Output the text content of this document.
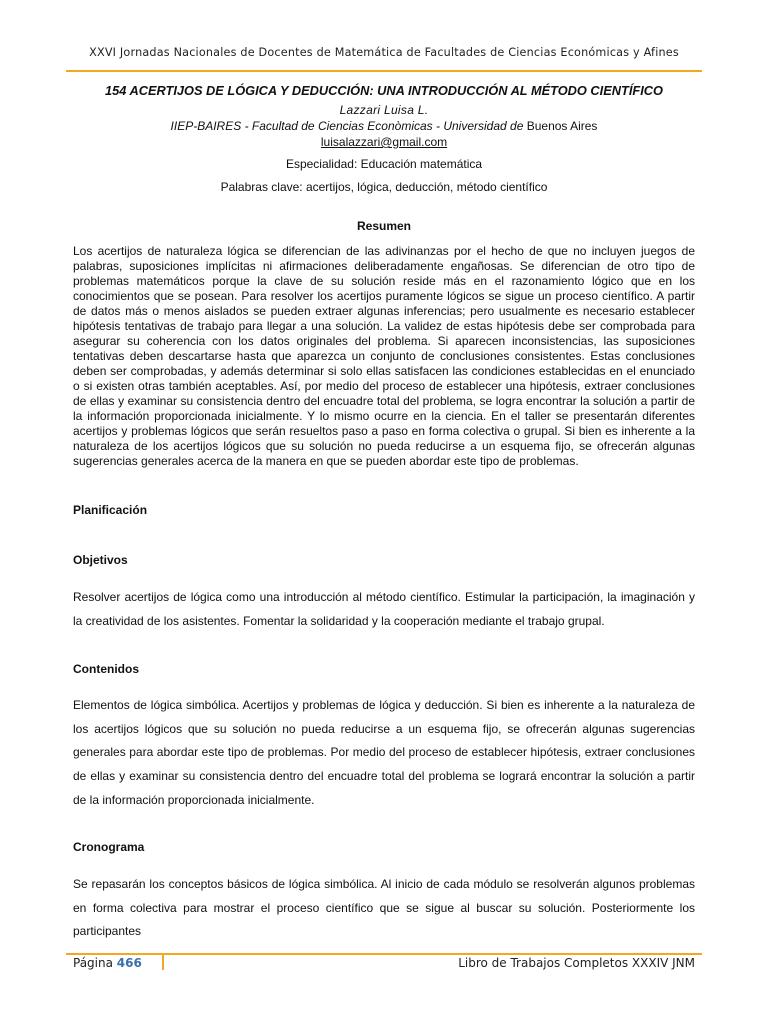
XXVI Jornadas Nacionales de Docentes de Matemática de Facultades de Ciencias Económicas y Afines
154 ACERTIJOS DE LÓGICA Y DEDUCCIÓN: UNA INTRODUCCIÓN AL MÉTODO CIENTÍFICO
Lazzari Luisa L.
IIEP-BAIRES - Facultad de Ciencias Econòmicas - Universidad de Buenos Aires
luisalazzari@gmail.com
Especialidad: Educación matemática
Palabras clave: acertijos, lógica, deducción, método científico
Resumen

Los acertijos de naturaleza lógica se diferencian de las adivinanzas por el hecho de que no incluyen juegos de palabras, suposiciones implícitas ni afirmaciones deliberadamente engañosas. Se diferencian de otro tipo de problemas matemáticos porque la clave de su solución reside más en el razonamiento lógico que en los conocimientos que se posean. Para resolver los acertijos puramente lógicos se sigue un proceso científico. A partir de datos más o menos aislados se pueden extraer algunas inferencias; pero usualmente es necesario establecer hipótesis tentativas de trabajo para llegar a una solución. La validez de estas hipótesis debe ser comprobada para asegurar su coherencia con los datos originales del problema. Si aparecen inconsistencias, las suposiciones tentativas deben descartarse hasta que aparezca un conjunto de conclusiones consistentes. Estas conclusiones deben ser comprobadas, y además determinar si solo ellas satisfacen las condiciones establecidas en el enunciado o si existen otras también aceptables. Así, por medio del proceso de establecer una hipótesis, extraer conclusiones de ellas y examinar su consistencia dentro del encuadre total del problema, se logra encontrar la solución a partir de la información proporcionada inicialmente. Y lo mismo ocurre en la ciencia. En el taller se presentarán diferentes acertijos y problemas lógicos que serán resueltos paso a paso en forma colectiva o grupal. Si bien es inherente a la naturaleza de los acertijos lógicos que su solución no pueda reducirse a un esquema fijo, se ofrecerán algunas sugerencias generales acerca de la manera en que se pueden abordar este tipo de problemas.

Planificación

Objetivos

Resolver acertijos de lógica como una introducción al método científico. Estimular la participación, la imaginación y la creatividad de los asistentes. Fomentar la solidaridad y la cooperación mediante el trabajo grupal.

Contenidos

Elementos de lógica simbólica. Acertijos y problemas de lógica y deducción. Si bien es inherente a la naturaleza de los acertijos lógicos que su solución no pueda reducirse a un esquema fijo, se ofrecerán algunas sugerencias generales para abordar este tipo de problemas. Por medio del proceso de establecer hipótesis, extraer conclusiones de ellas y examinar su consistencia dentro del encuadre total del problema se logrará encontrar la solución a partir de la información proporcionada inicialmente.

Cronograma

Se repasarán los conceptos básicos de lógica simbólica. Al inicio de cada módulo se resolverán algunos problemas en forma colectiva para mostrar el proceso científico que se sigue al buscar su solución. Posteriormente los participantes

Página 466	Libro de Trabajos Completos XXXIV JNM
